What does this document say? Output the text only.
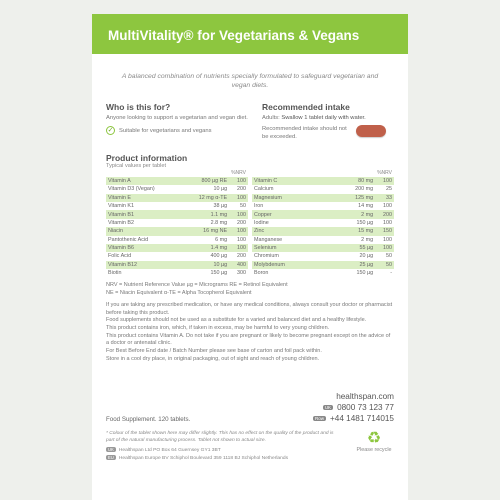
MultiVitality® for Vegetarians & Vegans
A balanced combination of nutrients specially formulated to safeguard vegetarian and vegan diets.
Who is this for?
Anyone looking to support a vegetarian and vegan diet.
✓ Suitable for vegetarians and vegans
Recommended intake
Adults: Swallow 1 tablet daily with water.
Recommended intake should not be exceeded.
Product information
Typical values per tablet
		%NRV
Vitamin A	800 µg RE	100
Vitamin D3 (Vegan)	10 µg	200
Vitamin E	12 mg α-TE	100
Vitamin K1	38 µg	50
Vitamin B1	1.1 mg	100
Vitamin B2	2.8 mg	200
Niacin	16 mg NE	100
Pantothenic Acid	6 mg	100
Vitamin B6	1.4 mg	100
Folic Acid	400 µg	200
Vitamin B12	10 µg	400
Biotin	150 µg	300
		%NRV
Vitamin C	80 mg	100
Calcium	200 mg	25
Magnesium	125 mg	33
Iron	14 mg	100
Copper	2 mg	200
Iodine	150 µg	100
Zinc	15 mg	150
Manganese	2 mg	100
Selenium	55 µg	100
Chromium	20 µg	50
Molybdenum	25 µg	50
Boron	150 µg	-

NRV = Nutrient Reference Value µg = Micrograms RE = Retinol Equivalent

NE = Niacin Equivalent α-TE = Alpha Tocopherol Equivalent

If you are taking any prescribed medication, or have any medical conditions, always consult your doctor or pharmacist before taking this product.

Food supplements should not be used as a substitute for a varied and balanced diet and a healthy lifestyle.

This product contains iron, which, if taken in excess, may be harmful to very young children.

This product contains Vitamin A. Do not take if you are pregnant or likely to become pregnant except on the advice of a doctor or antenatal clinic.

For Best Before End date / Batch Number please see base of carton and foil pack within.

Store in a cool dry place, in original packaging, out of sight and reach of young children.

Food Supplement. 120 tablets.
healthspan.com
UK 0800 73 123 77
Row +44 1481 714015
* Colour of the tablet shown here may differ slightly. This has no effect on the quality of the product and is part of the natural manufacturing process. Tablet not shown to actual size.
UK Healthspan Ltd PO Box 64 Guernsey GY1 3BT
EU Healthspan Europe BV Schiphol Boulevard 359 1118 BJ Schiphol Netherlands
♻
Please recycle
